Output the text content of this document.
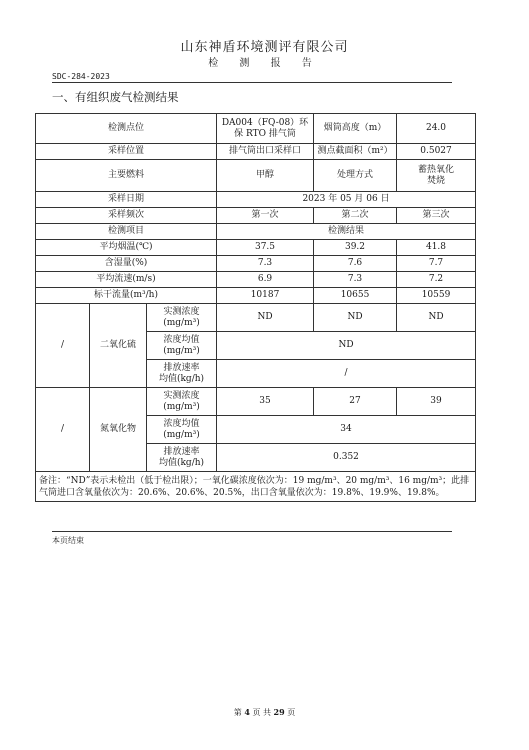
山东神盾环境测评有限公司
检 测 报 告
SDC-284-2023
一、有组织废气检测结果
检测点位			DA004（FQ-08）环
保 RTO 排气筒	烟筒高度（m）	24.0
采样位置			排气筒出口采样口	测点截面积（m²）	0.5027
主要燃料			甲醇	处理方式	蓄热氧化
焚烧
采样日期			2023 年 05 月 06 日		
采样频次			第一次	第二次	第三次
检测项目			检测结果		
平均烟温(℃)			37.5	39.2	41.8
含湿量(%)			7.3	7.6	7.7
平均流速(m/s)			6.9	7.3	7.2
标干流量(m³/h)			10187	10655	10559
/	二氧化硫	实测浓度
(mg/m³)	ND	ND	ND
		浓度均值
(mg/m³)	ND		
		排放速率
均值(kg/h)	/		
/	氮氧化物	实测浓度
(mg/m³)	35	27	39
		浓度均值
(mg/m³)	34		
		排放速率
均值(kg/h)	0.352		
备注：“ND”表示未检出（低于检出限）；一氧化碳浓度依次为：19 mg/m³、20 mg/m³、16 mg/m³；此排气筒进口含氧量依次为：20.6%、20.6%、20.5%，出口含氧量依次为：19.8%、19.9%、19.8%。					
本页结束
第 4 页 共 29 页
